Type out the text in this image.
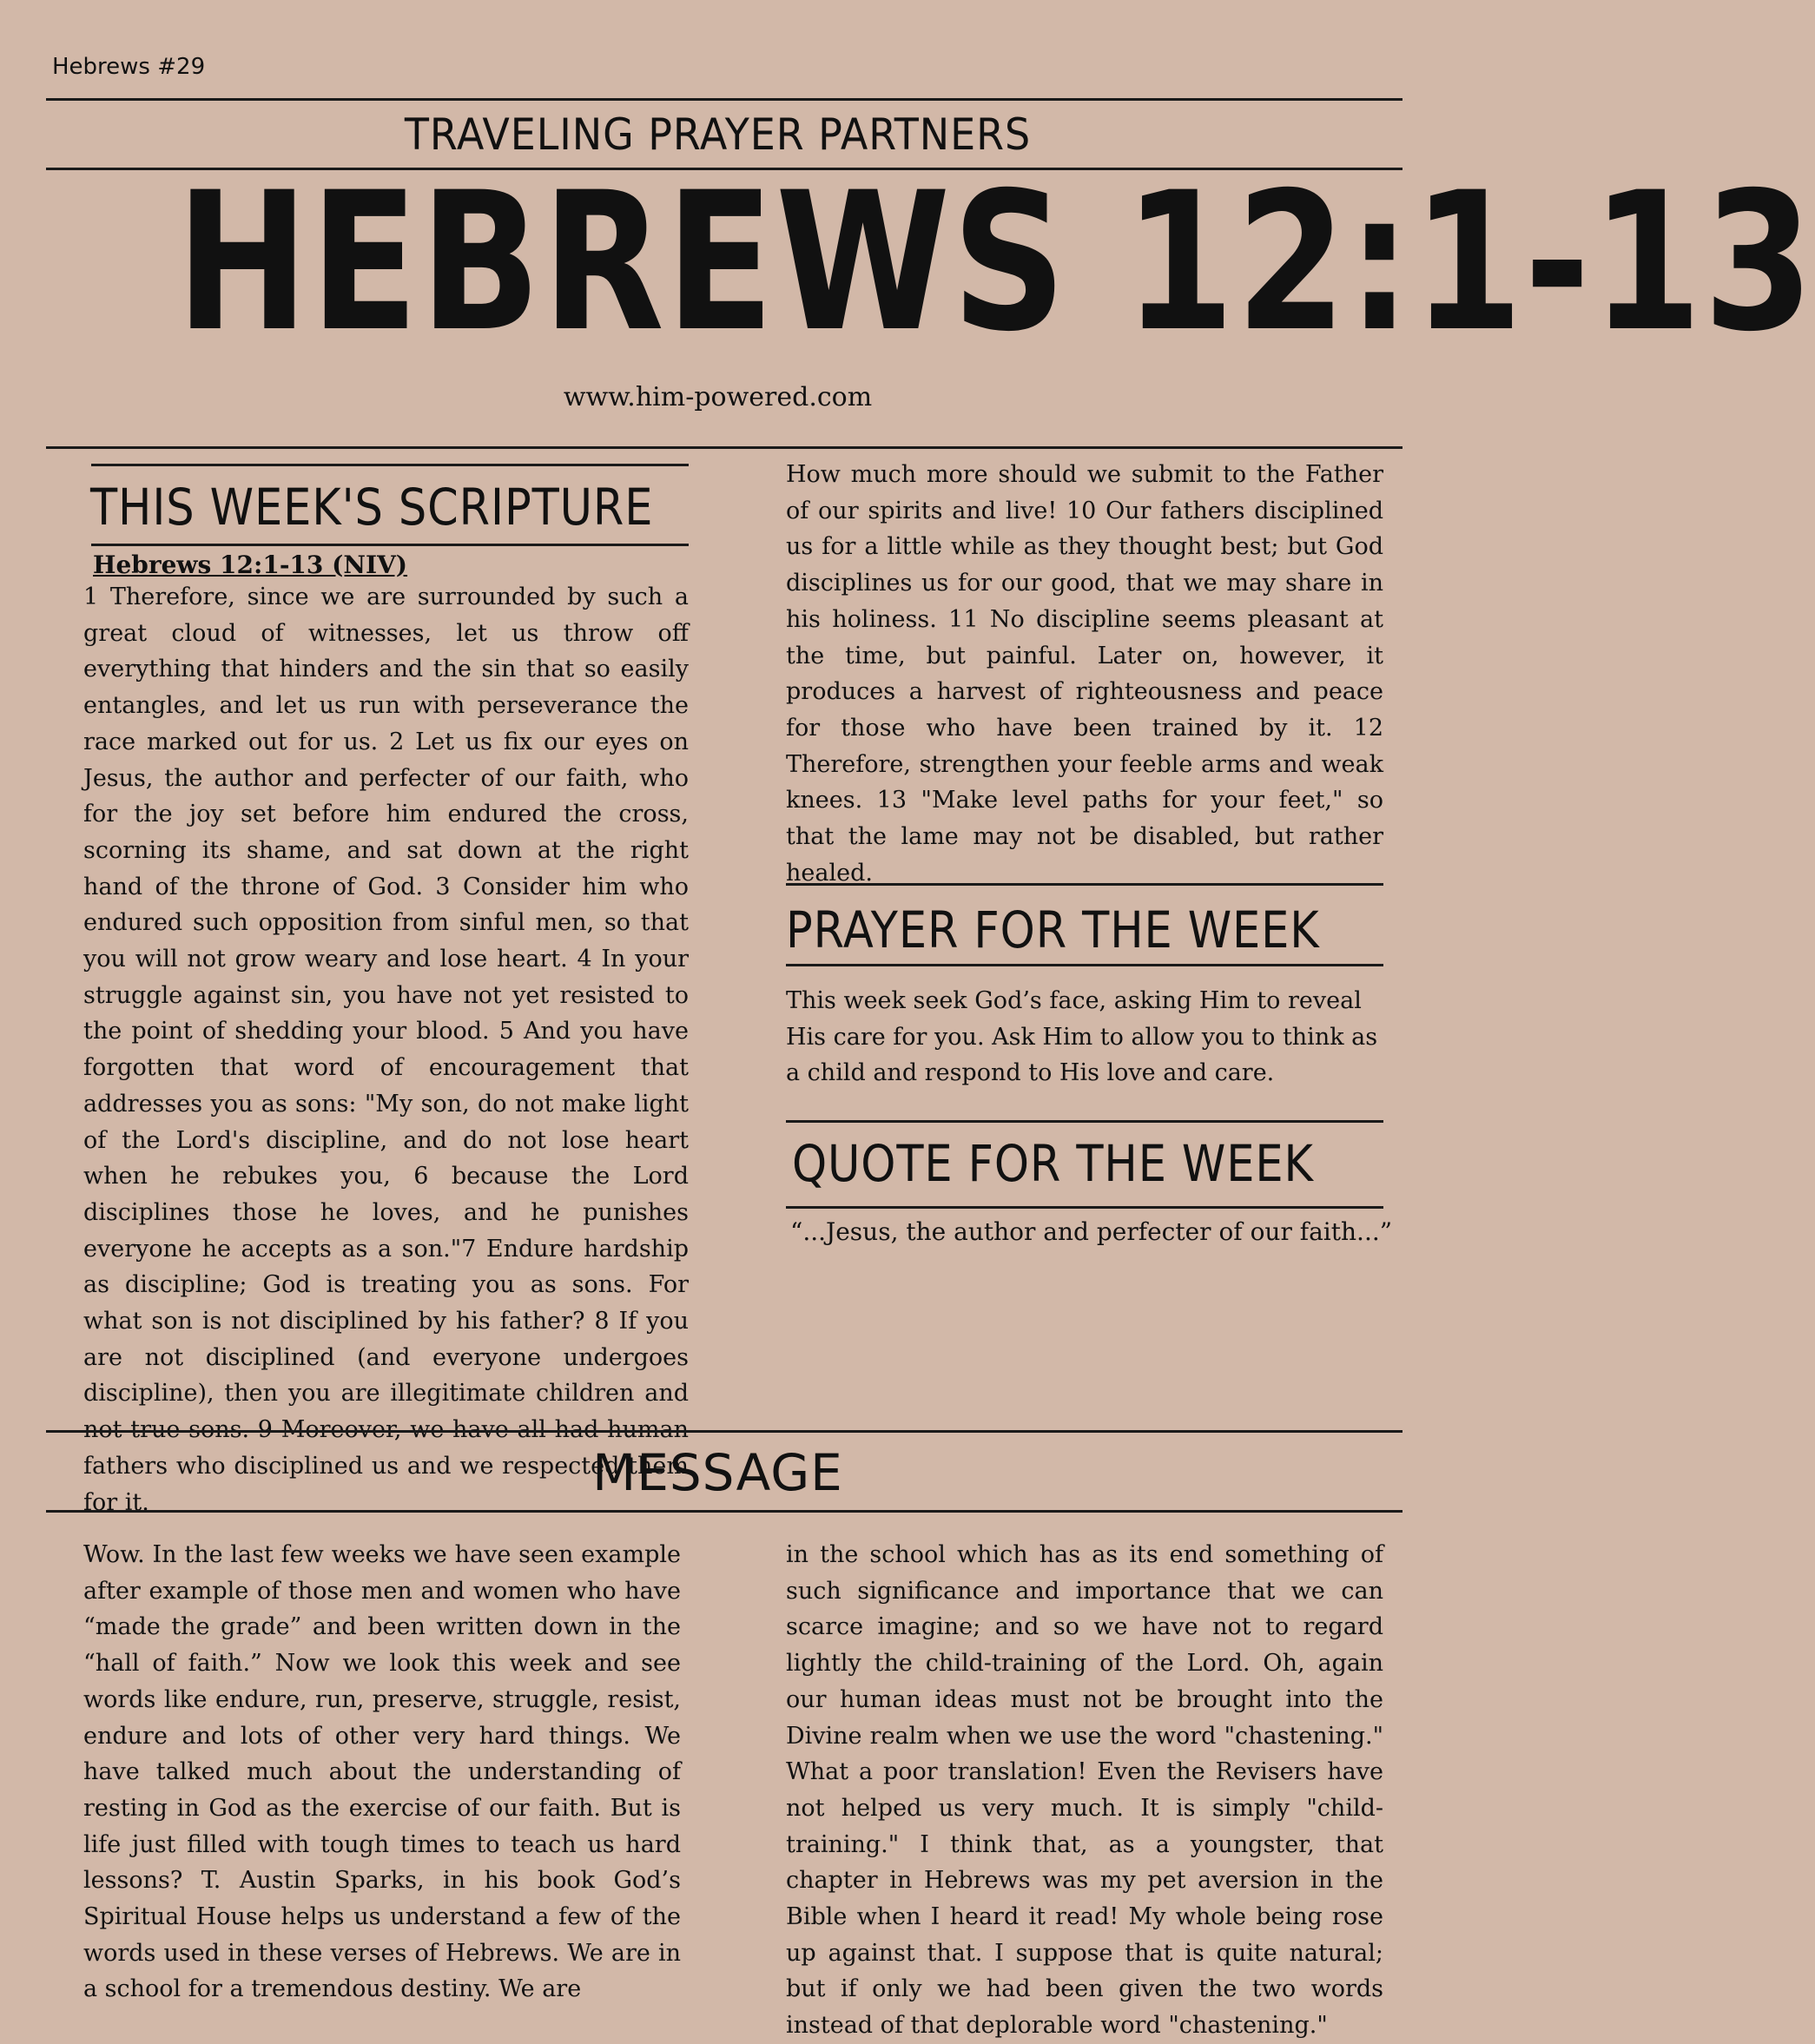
Hebrews #29
TRAVELING PRAYER PARTNERS
HEBREWS 12:1-13
www.him-powered.com
THIS WEEK'S SCRIPTURE
Hebrews 12:1-13 (NIV)
1 Therefore, since we are surrounded by such a great cloud of witnesses, let us throw off everything that hinders and the sin that so easily entangles, and let us run with perseverance the race marked out for us. 2 Let us fix our eyes on Jesus, the author and perfecter of our faith, who for the joy set before him endured the cross, scorning its shame, and sat down at the right hand of the throne of God. 3 Consider him who endured such opposition from sinful men, so that you will not grow weary and lose heart. 4 In your struggle against sin, you have not yet resisted to the point of shedding your blood. 5 And you have forgotten that word of encouragement that addresses you as sons: "My son, do not make light of the Lord's discipline, and do not lose heart when he rebukes you, 6 because the Lord disciplines those he loves, and he punishes everyone he accepts as a son."7 Endure hardship as discipline; God is treating you as sons. For what son is not disciplined by his father? 8 If you are not disciplined (and everyone undergoes discipline), then you are illegitimate children and not true sons. 9 Moreover, we have all had human fathers who disciplined us and we respected them for it.
How much more should we submit to the Father of our spirits and live! 10 Our fathers disciplined us for a little while as they thought best; but God disciplines us for our good, that we may share in his holiness. 11 No discipline seems pleasant at the time, but painful. Later on, however, it produces a harvest of righteousness and peace for those who have been trained by it. 12 Therefore, strengthen your feeble arms and weak knees. 13 "Make level paths for your feet," so that the lame may not be disabled, but rather healed.
PRAYER FOR THE WEEK
This week seek God’s face, asking Him to reveal His care for you. Ask Him to allow you to think as a child and respond to His love and care.
QUOTE FOR THE WEEK
“...Jesus, the author and perfecter of our faith...”
MESSAGE
Wow. In the last few weeks we have seen example after example of those men and women who have “made the grade” and been written down in the “hall of faith.” Now we look this week and see words like endure, run, preserve, struggle, resist, endure and lots of other very hard things. We have talked much about the understanding of resting in God as the exercise of our faith. But is life just filled with tough times to teach us hard lessons? T. Austin Sparks, in his book God’s Spiritual House helps us understand a few of the words used in these verses of Hebrews. We are in a school for a tremendous destiny. We are
in the school which has as its end something of such significance and importance that we can scarce imagine; and so we have not to regard lightly the child-training of the Lord. Oh, again our human ideas must not be brought into the Divine realm when we use the word "chastening." What a poor translation! Even the Revisers have not helped us very much. It is simply "child-training." I think that, as a youngster, that chapter in Hebrews was my pet aversion in the Bible when I heard it read! My whole being rose up against that. I suppose that is quite natural; but if only we had been given the two words instead of that deplorable word "chastening."
